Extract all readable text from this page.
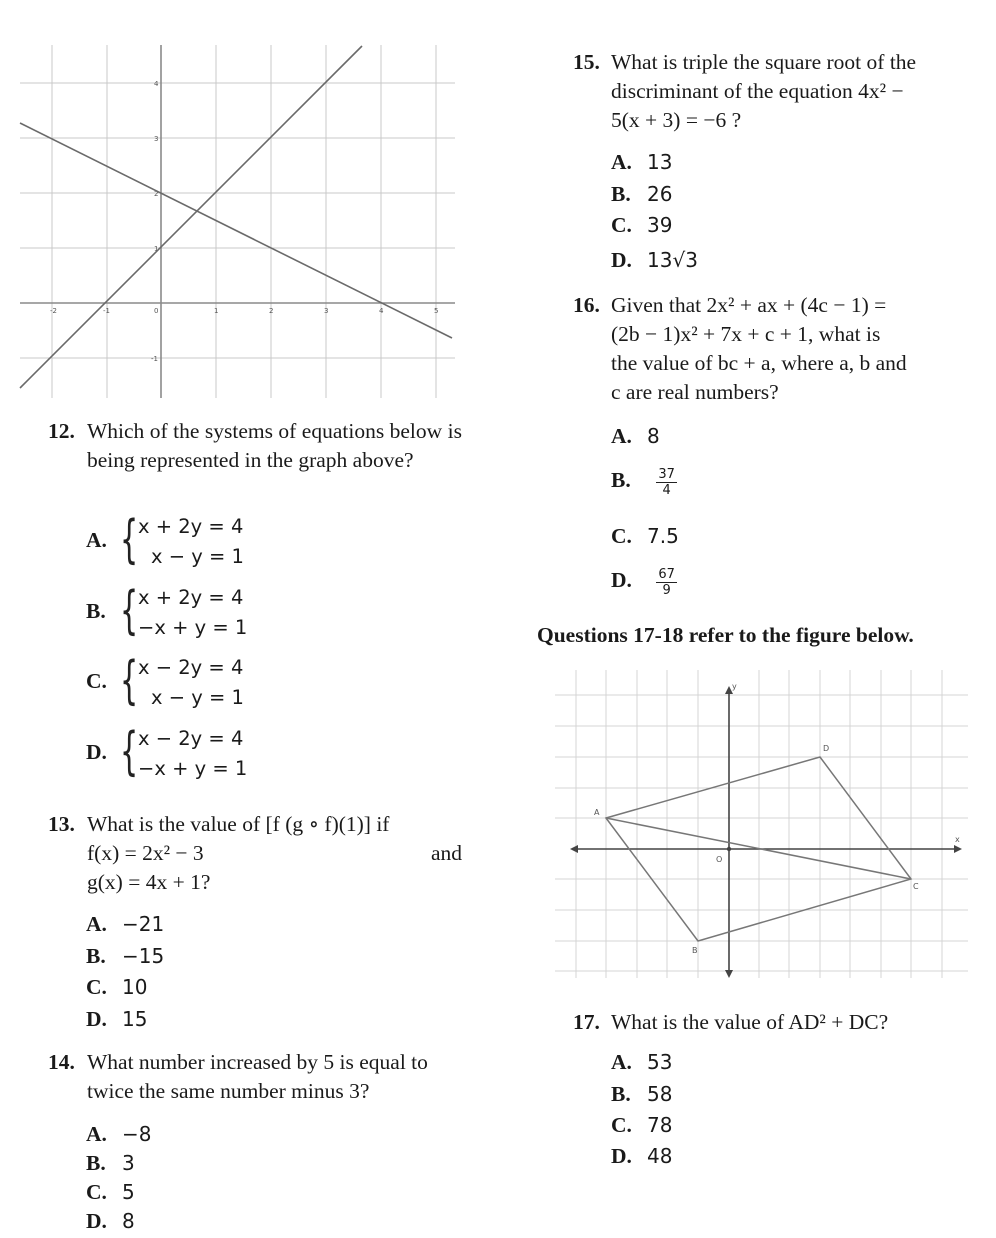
-2	-1	0	1	2	3	4	5
4
3
2
1
-1
12. Which of the systems of equations below is being represented in the graph above?
A. { x + 2y = 4
x − y = 1
B. { x + 2y = 4
−x + y = 1
C. { x − 2y = 4
x − y = 1
D. { x − 2y = 4
−x + y = 1
13. What is the value of [f (g ∘ f)(1)] if
f(x) = 2x² − 3	and
g(x) = 4x + 1?
A. −21
B. −15
C. 10
D. 15
14. What number increased by 5 is equal to twice the same number minus 3?
A. −8
B. 3
C. 5
D. 8
15. What is triple the square root of the
discriminant of the equation 4x² −
5(x + 3) = −6 ?
A. 13
B. 26
C. 39
D. 13√3
16. Given that 2x² + ax + (4c − 1) =
(2b − 1)x² + 7x + c + 1, what is
the value of bc + a, where a, b and
c are real numbers?
A. 8
B. $\frac{37}{4}$
C. 7.5
D. $\frac{67}{9}$
Questions 17-18 refer to the figure below.
y
x
O
A
B
C
D
17. What is the value of AD² + DC?
A. 53
B. 58
C. 78
D. 48
